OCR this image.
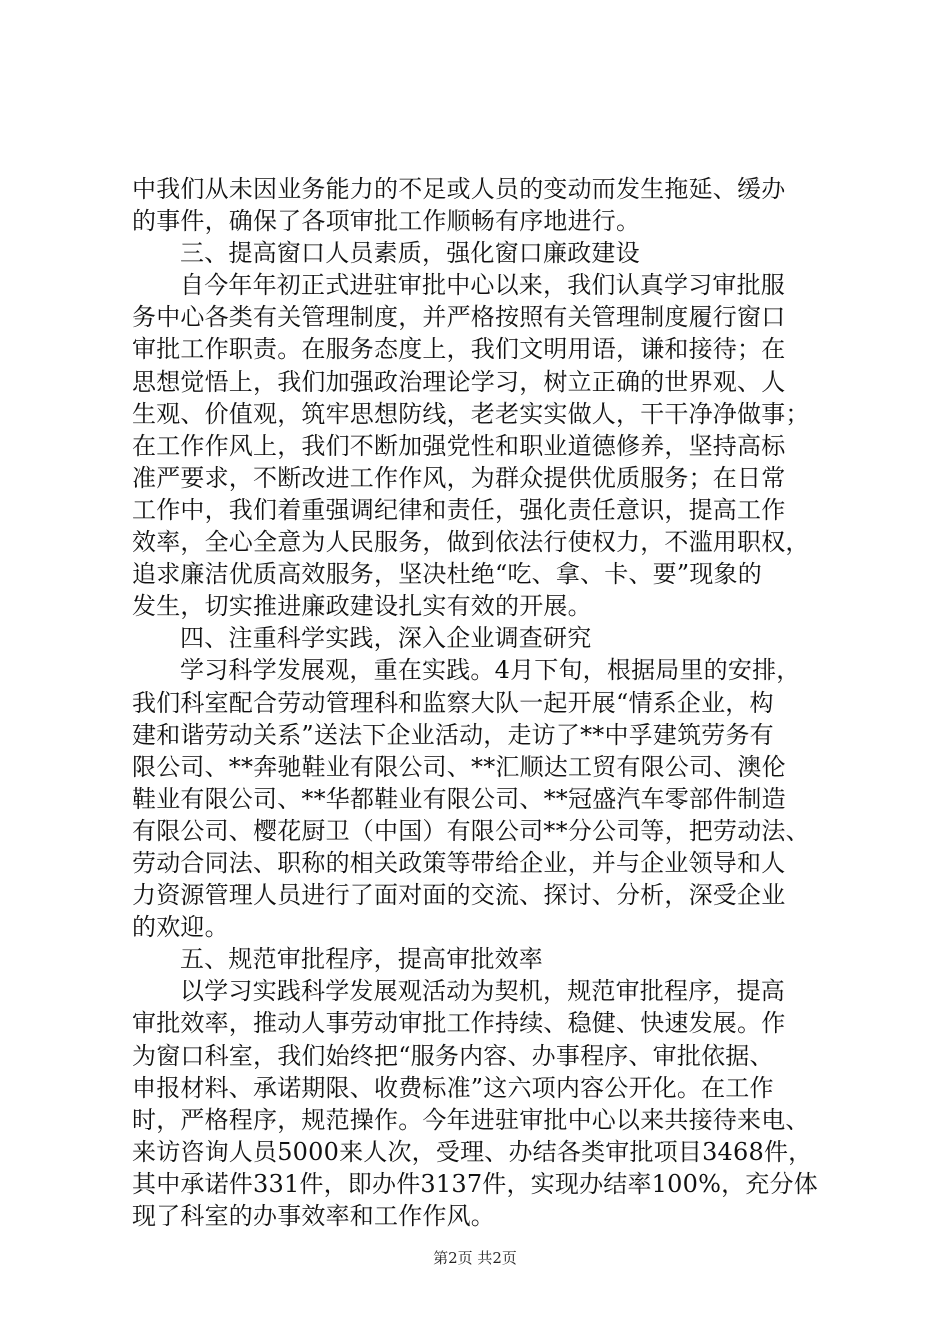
中我们从未因业务能力的不足或人员的变动而发生拖延、缓办
的事件，确保了各项审批工作顺畅有序地进行。
三、提高窗口人员素质，强化窗口廉政建设
自今年年初正式进驻审批中心以来，我们认真学习审批服
务中心各类有关管理制度，并严格按照有关管理制度履行窗口
审批工作职责。在服务态度上，我们文明用语，谦和接待；在
思想觉悟上，我们加强政治理论学习，树立正确的世界观、人
生观、价值观，筑牢思想防线，老老实实做人，干干净净做事；
在工作作风上，我们不断加强党性和职业道德修养，坚持高标
准严要求，不断改进工作作风，为群众提供优质服务；在日常
工作中，我们着重强调纪律和责任，强化责任意识，提高工作
效率，全心全意为人民服务，做到依法行使权力，不滥用职权，
追求廉洁优质高效服务，坚决杜绝“吃、拿、卡、要”现象的
发生，切实推进廉政建设扎实有效的开展。
四、注重科学实践，深入企业调查研究
学习科学发展观，重在实践。4月下旬，根据局里的安排，
我们科室配合劳动管理科和监察大队一起开展“情系企业，构
建和谐劳动关系”送法下企业活动，走访了**中孚建筑劳务有
限公司、**奔驰鞋业有限公司、**汇顺达工贸有限公司、澳伦
鞋业有限公司、**华都鞋业有限公司、**冠盛汽车零部件制造
有限公司、樱花厨卫（中国）有限公司**分公司等，把劳动法、
劳动合同法、职称的相关政策等带给企业，并与企业领导和人
力资源管理人员进行了面对面的交流、探讨、分析，深受企业
的欢迎。
五、规范审批程序，提高审批效率
以学习实践科学发展观活动为契机，规范审批程序，提高
审批效率，推动人事劳动审批工作持续、稳健、快速发展。作
为窗口科室，我们始终把“服务内容、办事程序、审批依据、
申报材料、承诺期限、收费标准”这六项内容公开化。在工作
时，严格程序，规范操作。今年进驻审批中心以来共接待来电、
来访咨询人员5000来人次，受理、办结各类审批项目3468件，
其中承诺件331件，即办件3137件，实现办结率100%，充分体
现了科室的办事效率和工作作风。
第2页 共2页
